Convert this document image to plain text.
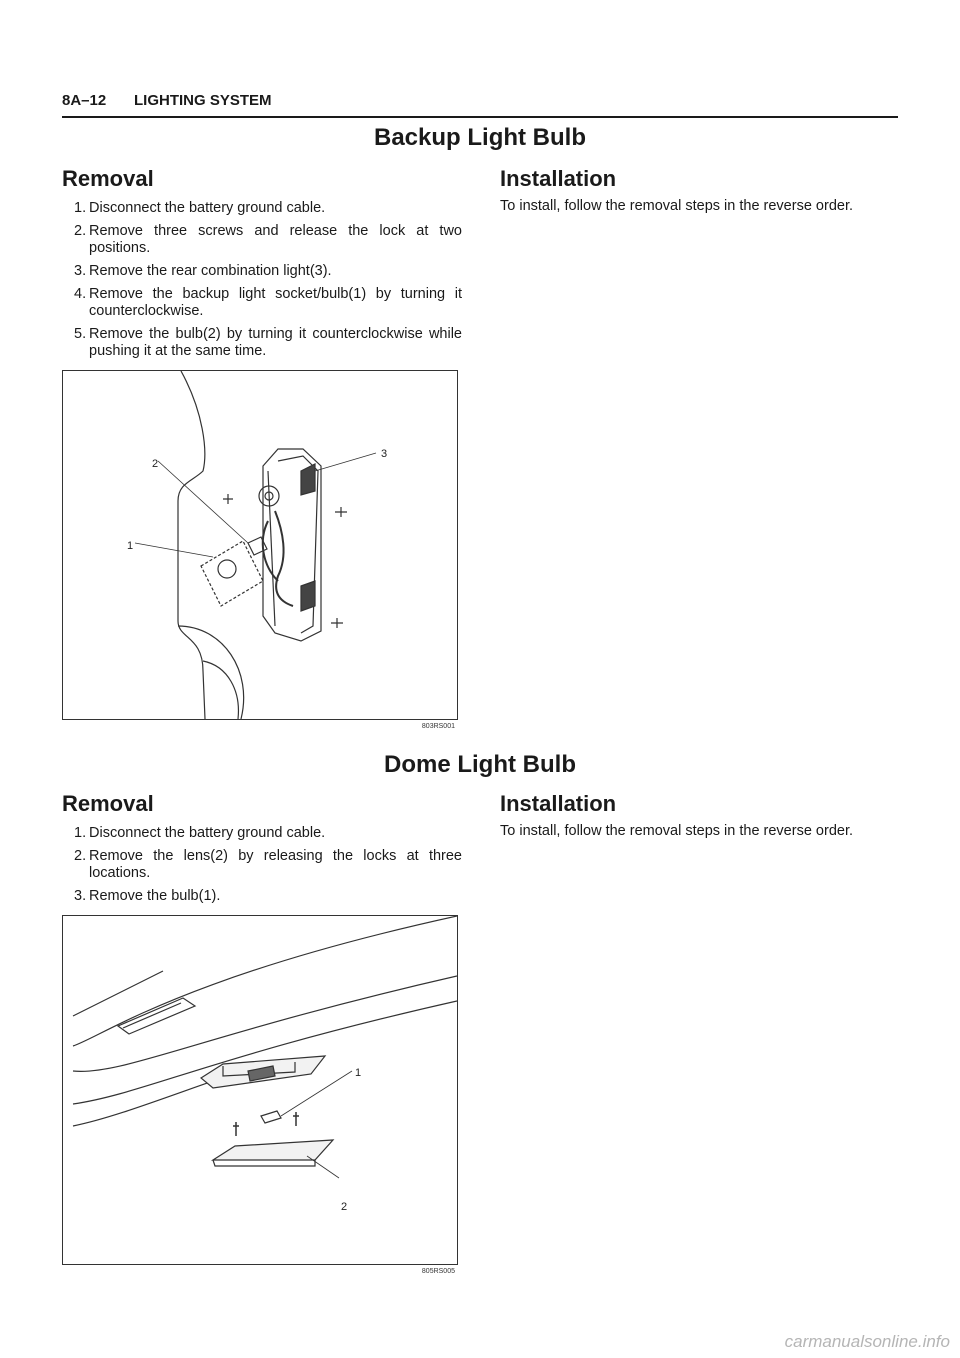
8A–12 LIGHTING SYSTEM
Backup Light Bulb
Removal
1. Disconnect the battery ground cable.
2. Remove three screws and release the lock at two positions.
3. Remove the rear combination light(3).
4. Remove the backup light socket/bulb(1) by turning it counterclockwise.
5. Remove the bulb(2) by turning it counterclockwise while pushing it at the same time.
Installation
To install, follow the removal steps in the reverse order.
2
1
3
803RS001
Dome Light Bulb
Removal
1. Disconnect the battery ground cable.
2. Remove the lens(2) by releasing the locks at three locations.
3. Remove the bulb(1).
Installation
To install, follow the removal steps in the reverse order.
1
2
805RS005
carmanualsonline.info
